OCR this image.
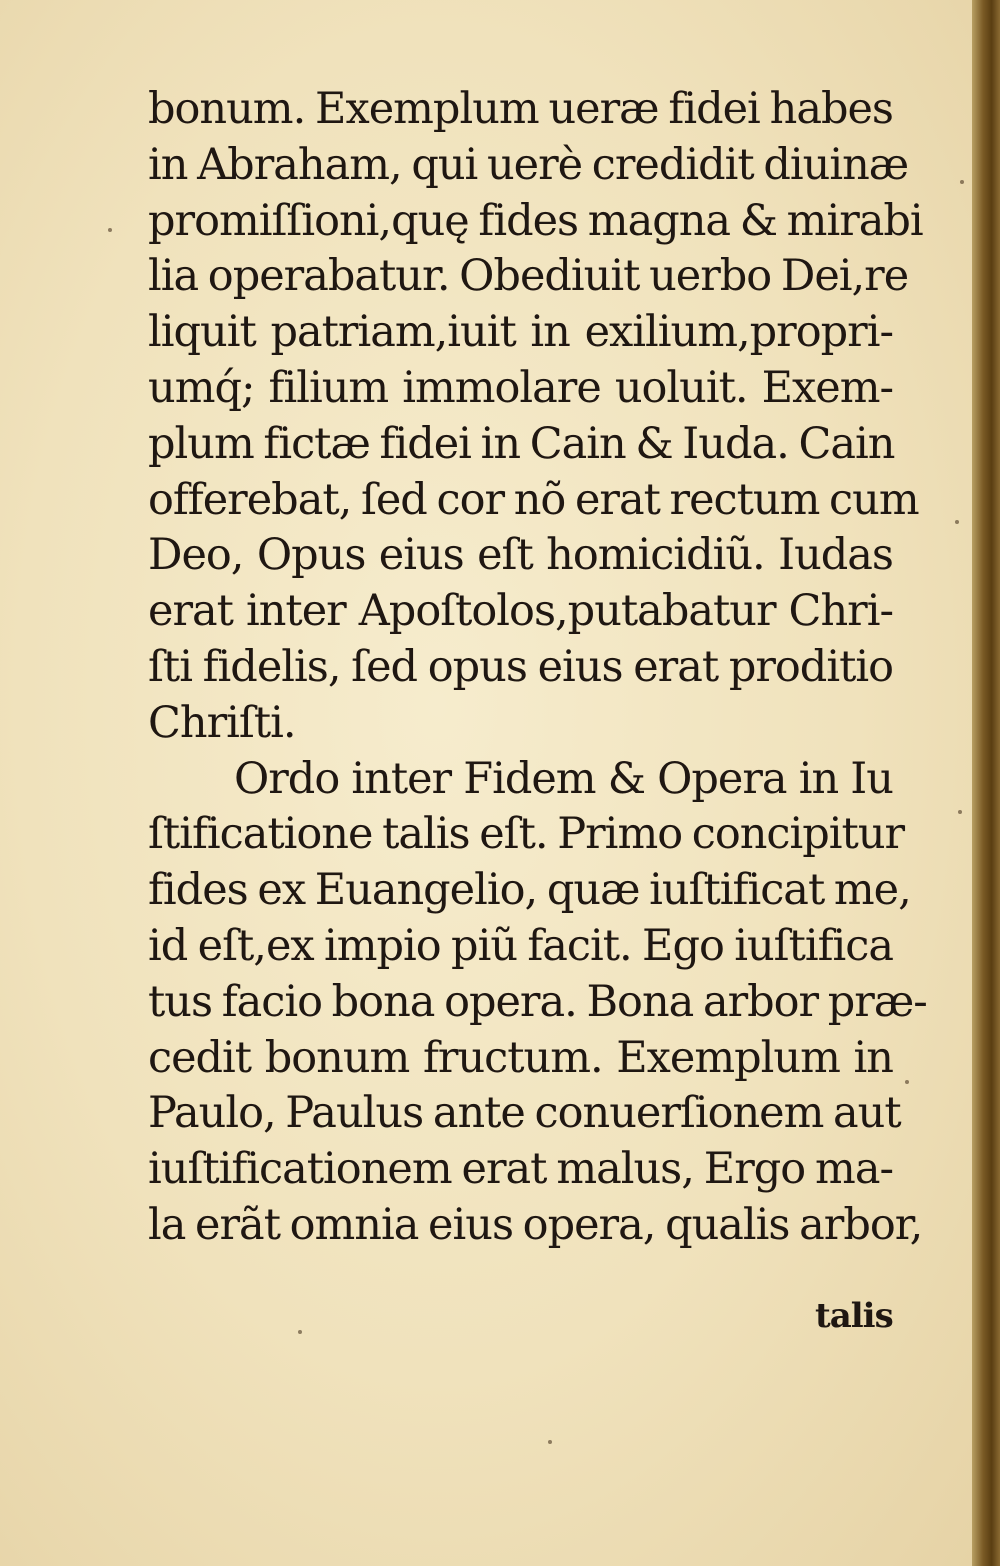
bonum. Exemplum ueræ fidei habes
in Abraham, qui uerè credidit diuinæ
promiſſioni,quę fides magna & mirabi
lia operabatur. Obediuit uerbo Dei,re
liquit patriam,iuit in exilium,propri-
umq́; filium immolare uoluit. Exem-
plum fictæ fidei in Cain & Iuda. Cain
offerebat, ſed cor nõ erat rectum cum
Deo, Opus eius eſt homicidiũ. Iudas
erat inter Apoſtolos,putabatur Chri-
ſti fidelis, ſed opus eius erat proditio
Chriſti.
Ordo inter Fidem & Opera in Iu
ſtificatione talis eſt. Primo concipitur
fides ex Euangelio, quæ iuſtificat me,
id eſt,ex impio piũ facit. Ego iuſtifica
tus facio bona opera. Bona arbor præ-
cedit bonum fructum. Exemplum in
Paulo, Paulus ante conuerſionem aut
iuſtificationem erat malus, Ergo ma-
la erãt omnia eius opera, qualis arbor,
talis
